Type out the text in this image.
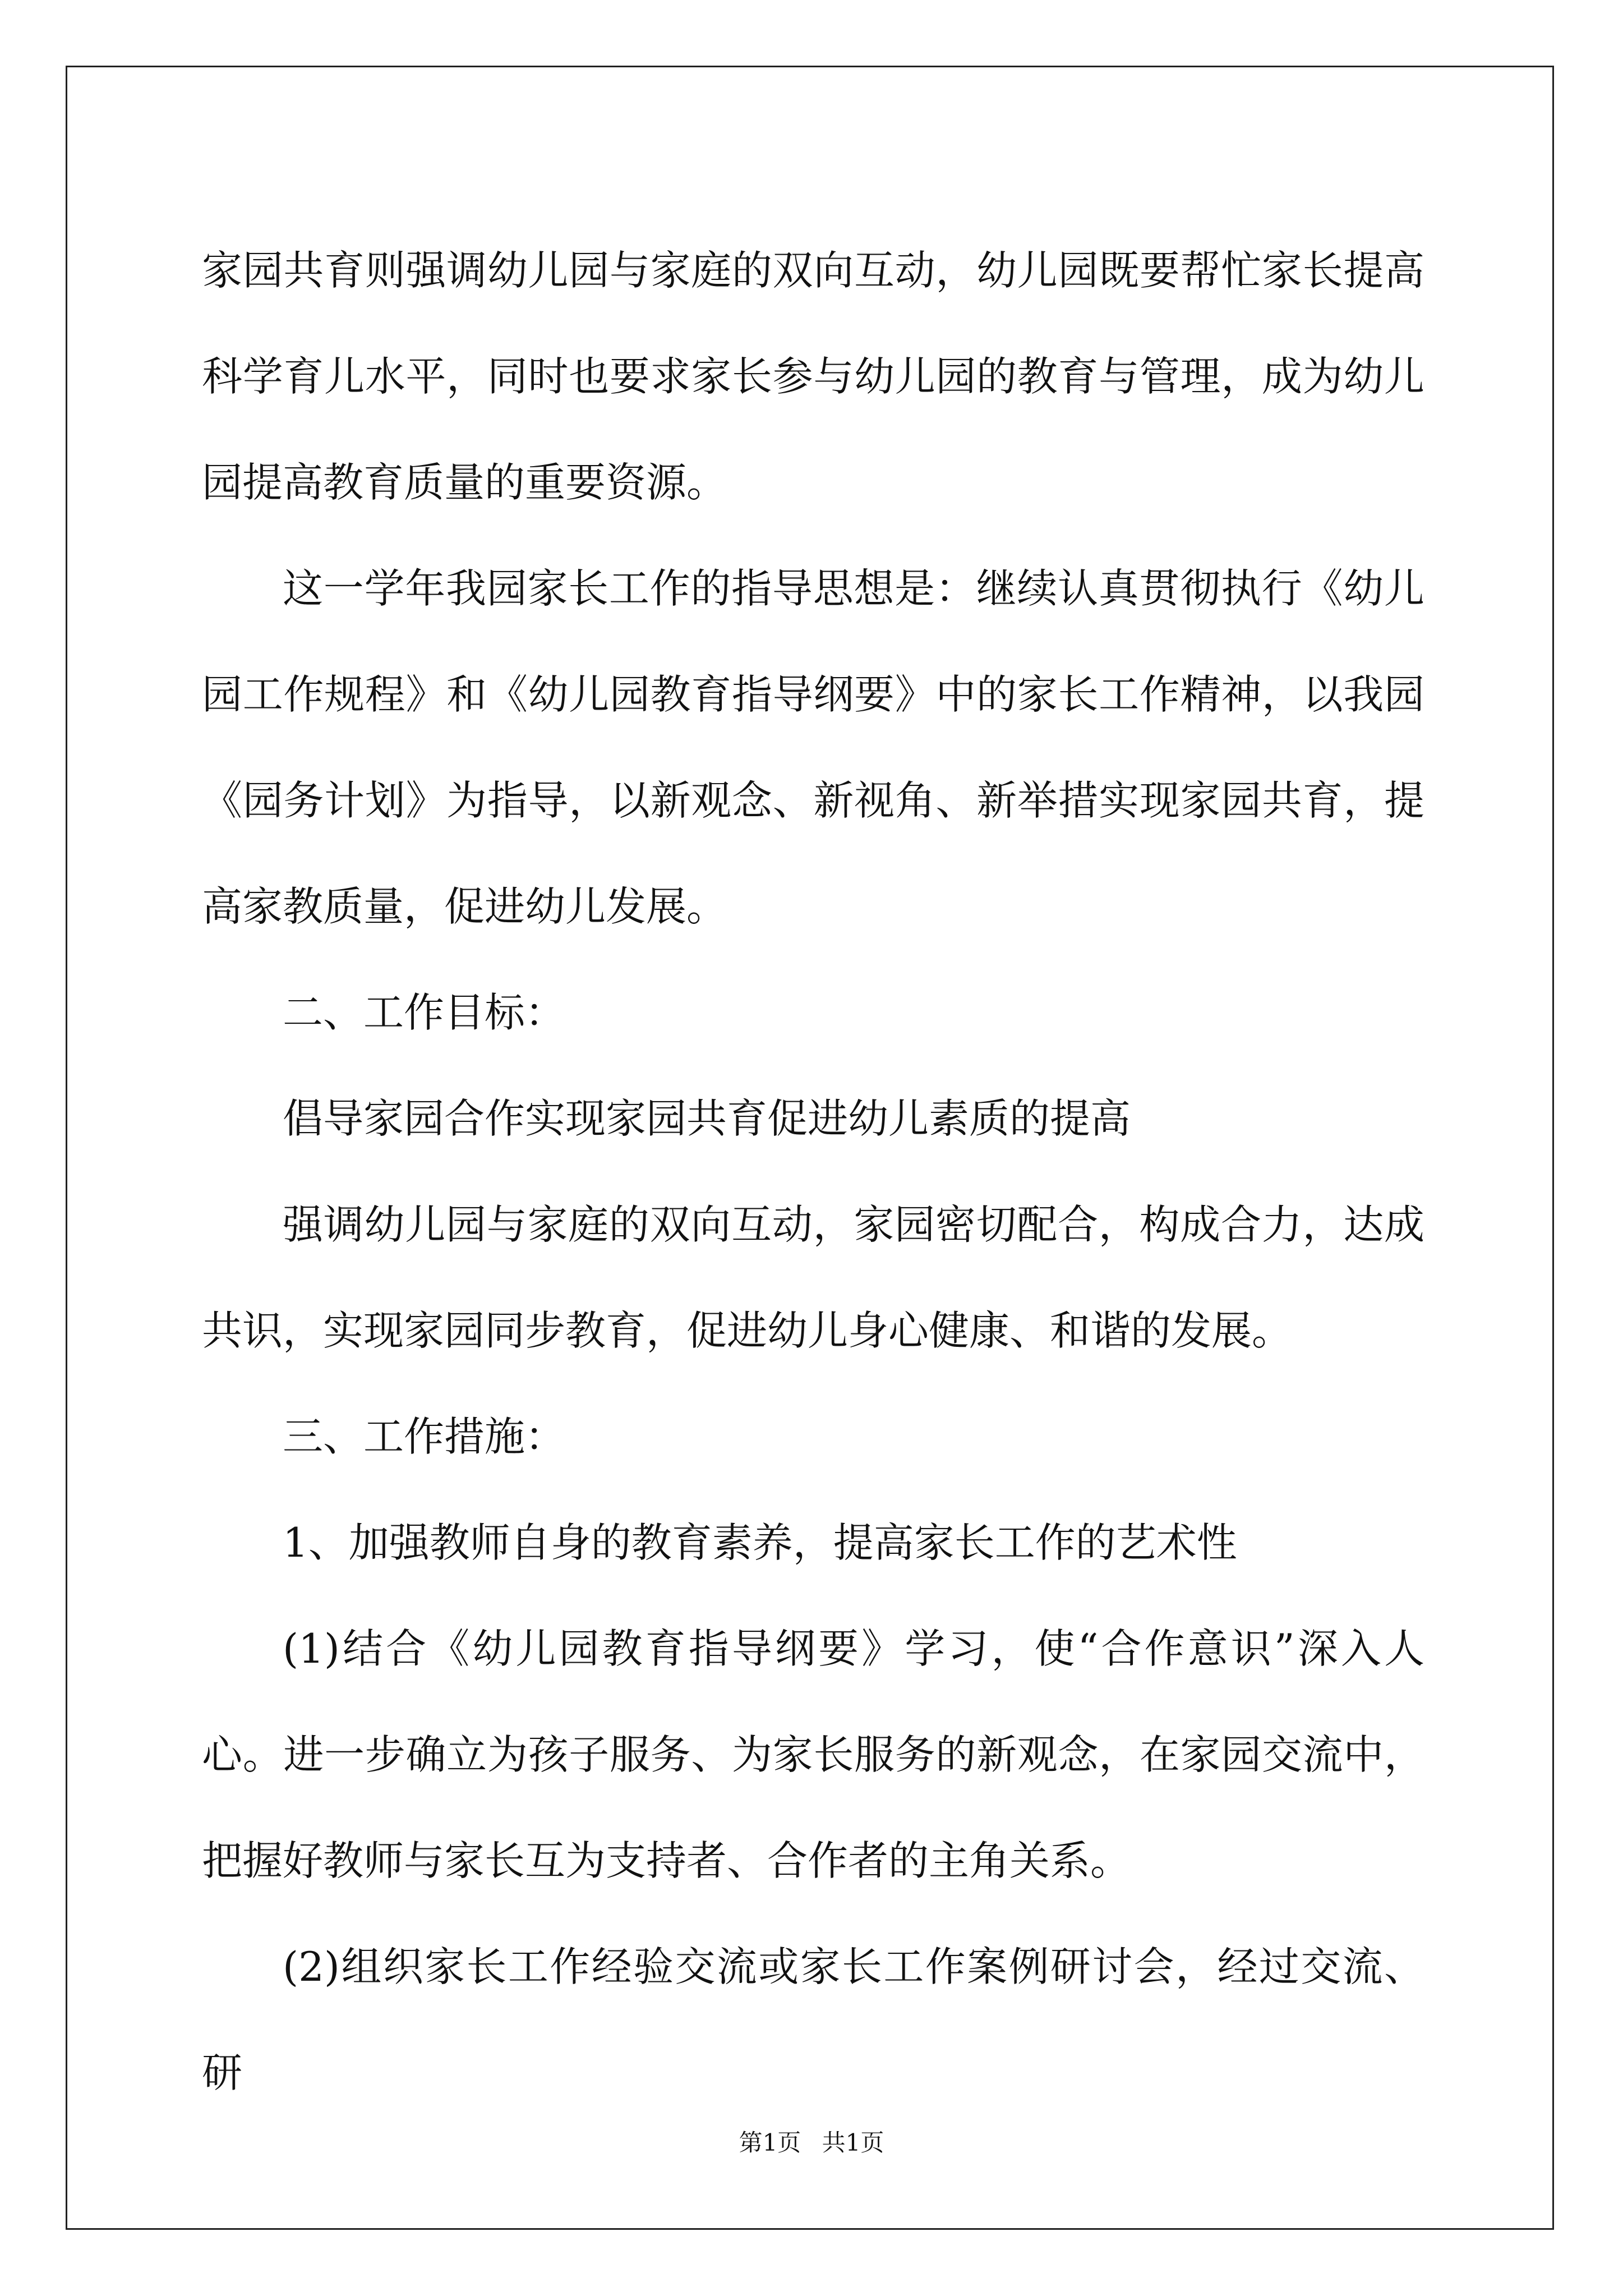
家园共育则强调幼儿园与家庭的双向互动，幼儿园既要帮忙家长提高科学育儿水平，同时也要求家长参与幼儿园的教育与管理，成为幼儿园提高教育质量的重要资源。

这一学年我园家长工作的指导思想是：继续认真贯彻执行《幼儿园工作规程》和《幼儿园教育指导纲要》中的家长工作精神，以我园《园务计划》为指导，以新观念、新视角、新举措实现家园共育，提高家教质量，促进幼儿发展。

二、工作目标：

倡导家园合作实现家园共育促进幼儿素质的提高

强调幼儿园与家庭的双向互动，家园密切配合，构成合力，达成共识，实现家园同步教育，促进幼儿身心健康、和谐的发展。

三、工作措施：

1、加强教师自身的教育素养，提高家长工作的艺术性

(1)结合《幼儿园教育指导纲要》学习，使“合作意识”深入人心。进一步确立为孩子服务、为家长服务的新观念，在家园交流中，把握好教师与家长互为支持者、合作者的主角关系。

(2)组织家长工作经验交流或家长工作案例研讨会，经过交流、研

第1页 共1页
